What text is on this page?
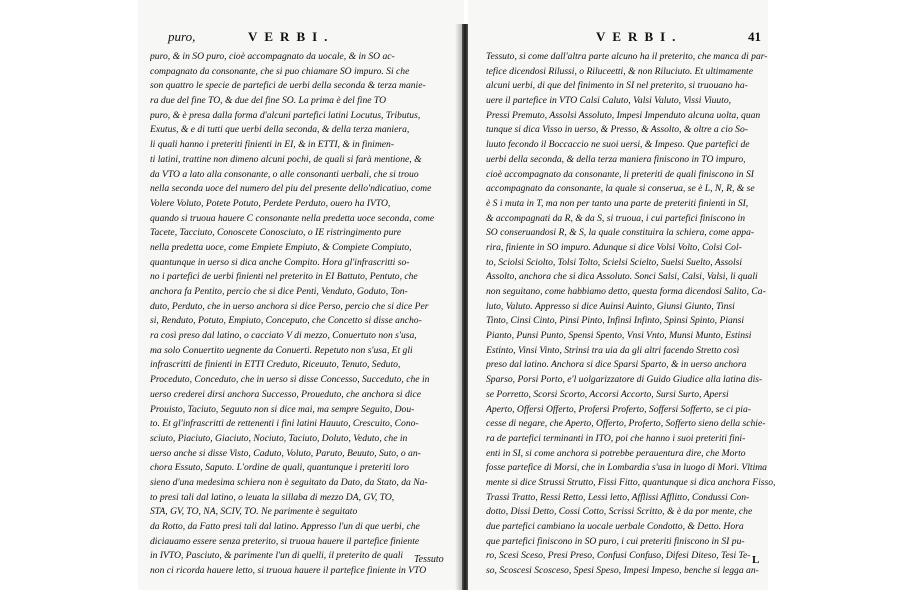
puro,	VERBI.
puro, & in SO puro, cioè accompagnato da uocale, & in SO ac-
compagnato da consonante, che si puo chiamare SO impuro. Si che
son quattro le specie de partefici de uerbi della seconda & terza manie-
ra due del fine TO, & due del fine SO. La prima è del fine TO
puro, & è presa dalla forma d'alcuni partefici latini Locutus, Tributus,
Exutus, & e di tutti que uerbi della seconda, & della terza maniera,
li quali hanno i preteriti finienti in EI, & in ETTI, & in finimen-
ti latini, trattine non dimeno alcuni pochi, de quali si farà mentione, &
da VTO a lato alla consonante, o alle consonanti uerbali, che si trouo
nella seconda uoce del numero del piu del presente dello'ndicatiuo, come
Volere Voluto, Potete Potuto, Perdete Perduto, ouero ha IVTO,
quando si truoua hauere C consonante nella predetta uoce seconda, come
Tacete, Tacciuto, Conoscete Conosciuto, o IE ristringimento pure
nella predetta uoce, come Empiete Empiuto, & Compiete Compiuto,
quantunque in uerso si dica anche Compito. Hora gl'infrascritti so-
no i partefici de uerbi finienti nel preterito in EI Battuto, Pentuto, che
anchora fa Pentito, percio che si dice Penti, Venduto, Goduto, Ton-
duto, Perduto, che in uerso anchora si dice Perso, percio che si dice Per
si, Renduto, Potuto, Empiuto, Conceputo, che Concetto si disse ancho-
ra così preso dal latino, o cacciato V di mezzo, Conuertuto non s'usa,
ma solo Conuertito uegnente da Conuerti. Repetuto non s'usa, Et gli
infrascritti de finienti in ETTI Creduto, Riceuuto, Tenuto, Seduto,
Proceduto, Conceduto, che in uerso si disse Concesso, Succeduto, che in
uerso crederei dirsi anchora Successo, Proueduto, che anchora si dice
Prouisto, Taciuto, Seguuto non si dice mai, ma sempre Seguito, Dou-
to. Et gl'infrascritti de rettenenti i fini latini Hauuto, Crescuito, Cono-
sciuto, Piaciuto, Giaciuto, Nociuto, Taciuto, Doluto, Veduto, che in
uerso anche si disse Visto, Caduto, Voluto, Paruto, Beuuto, Suto, o an-
chora Essuto, Saputo. L'ordine de quali, quantunque i preteriti loro
sieno d'una medesima schiera non è seguitato da Dato, da Stato, da Na-
to presi tali dal latino, o leuata la sillaba di mezzo DA, GV, TO,
STA, GV, TO, NA, SCIV, TO. Ne parimente è seguitato
da Rotto, da Fatto presi tali dal latino. Appresso l'un di que uerbi, che
diciauamo essere senza preterito, si truoua hauere il partefice finiente
in IVTO, Pasciuto, & parimente l'un di quelli, il preterito de quali
non ci ricorda hauere letto, si truoua hauere il partefice finiente in VTO
Tessuto
VERBI.	41
Tessuto, si come dall'altra parte alcuno ha il preterito, che manca di par-
tefice dicendosi Rilussi, o Riluceetti, & non Riluciuto. Et ultimamente
alcuni uerbi, di que del finimento in SI nel preterito, si truouano ha-
uere il partefice in VTO Calsi Caluto, Valsi Valuto, Vissi Viuuto,
Pressi Premuto, Assolsi Assoluto, Impesi Impenduto alcuna uolta, quan
tunque si dica Visso in uerso, & Presso, & Assolto, & oltre a cio So-
luuto fecondo il Boccaccio ne suoi uersi, & Impeso. Que partefici de
uerbi della seconda, & della terza maniera finiscono in TO impuro,
cioè accompagnato da consonante, li preteriti de quali finiscono in SI
accompagnato da consonante, la quale si conserua, se è L, N, R, & se
è S i muta in T, ma non per tanto una parte de preteriti finienti in SI,
& accompagnati da R, & da S, si truoua, i cui partefici finiscono in
SO conseruandosi R, & S, la quale constituira la schiera, come appa-
rira, finiente in SO impuro. Adunque si dice Volsi Volto, Colsi Col-
to, Sciolsi Sciolto, Tolsi Tolto, Scielsi Scielto, Suelsi Suelto, Assolsi
Assolto, anchora che si dica Assoluto. Sonci Salsi, Calsi, Valsi, li quali
non seguitano, come habbiamo detto, questa forma dicendosi Salito, Ca-
luto, Valuto. Appresso si dice Auinsi Auinto, Giunsi Giunto, Tinsi
Tinto, Cinsi Cinto, Pinsi Pinto, Infinsi Infinto, Spinsi Spinto, Piansi
Pianto, Punsi Punto, Spensi Spento, Vnsi Vnto, Munsi Munto, Estinsi
Estinto, Vinsi Vinto, Strinsi tra uia da gli altri facendo Stretto così
preso dal latino. Anchora si dice Sparsi Sparto, & in uerso anchora
Sparso, Porsi Porto, e'l uolgarizzatore di Guido Giudice alla latina dis-
se Porretto, Scorsi Scorto, Accorsi Accorto, Sursi Surto, Apersi
Aperto, Offersi Offerto, Profersi Proferto, Soffersi Sofferto, se ci pia-
cesse di negare, che Aperto, Offerto, Proferto, Sofferto sieno della schie-
ra de partefici terminanti in ITO, poi che hanno i suoi preteriti fini-
enti in SI, si come anchora si potrebbe perauentura dire, che Morto
fosse partefice di Morsi, che in Lombardia s'usa in luogo di Mori. Vltima
mente si dice Strussi Strutto, Fissi Fitto, quantunque si dica anchora Fisso,
Trassi Tratto, Ressi Retto, Lessi letto, Afflissi Afflitto, Condussi Con-
dotto, Dissi Detto, Cossi Cotto, Scrissi Scritto, & è da por mente, che
due partefici cambiano la uocale uerbale Condotto, & Detto. Hora
que partefici finiscono in SO puro, i cui preteriti finiscono in SI pu-
ro, Scesi Sceso, Presi Preso, Confusi Confuso, Difesi Diteso, Tesi Te-
so, Scoscesi Scosceso, Spesi Speso, Impesi Impeso, benche si legga an-
L
